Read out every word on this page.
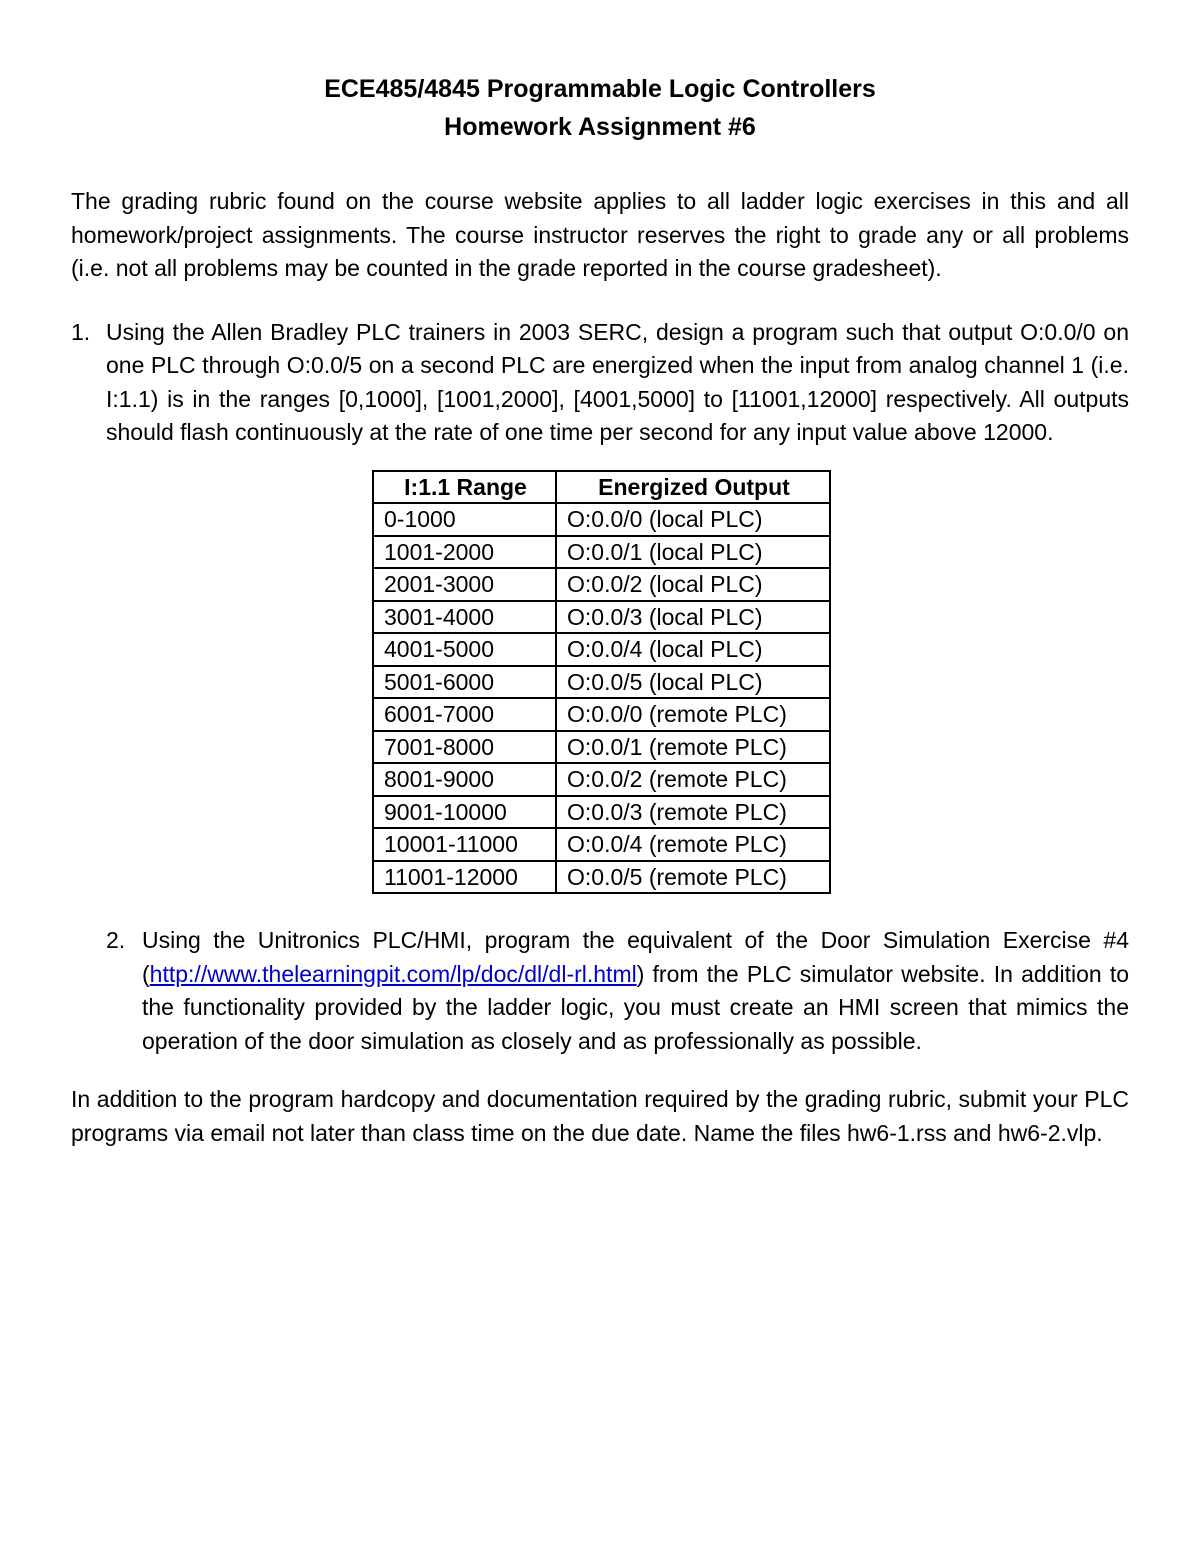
ECE485/4845 Programmable Logic Controllers

Homework Assignment #6

The grading rubric found on the course website applies to all ladder logic exercises in this and all homework/project assignments. The course instructor reserves the right to grade any or all problems (i.e. not all problems may be counted in the grade reported in the course gradesheet).

1. Using the Allen Bradley PLC trainers in 2003 SERC, design a program such that output O:0.0/0 on one PLC through O:0.0/5 on a second PLC are energized when the input from analog channel 1 (i.e. I:1.1) is in the ranges [0,1000], [1001,2000], [4001,5000] to [11001,12000] respectively. All outputs should flash continuously at the rate of one time per second for any input value above 12000.
I:1.1 Range	Energized Output
0-1000	O:0.0/0 (local PLC)
1001-2000	O:0.0/1 (local PLC)
2001-3000	O:0.0/2 (local PLC)
3001-4000	O:0.0/3 (local PLC)
4001-5000	O:0.0/4 (local PLC)
5001-6000	O:0.0/5 (local PLC)
6001-7000	O:0.0/0 (remote PLC)
7001-8000	O:0.0/1 (remote PLC)
8001-9000	O:0.0/2 (remote PLC)
9001-10000	O:0.0/3 (remote PLC)
10001-11000	O:0.0/4 (remote PLC)
11001-12000	O:0.0/5 (remote PLC)
2. Using the Unitronics PLC/HMI, program the equivalent of the Door Simulation Exercise #4 (http://www.thelearningpit.com/lp/doc/dl/dl-rl.html) from the PLC simulator website. In addition to the functionality provided by the ladder logic, you must create an HMI screen that mimics the operation of the door simulation as closely and as professionally as possible.

In addition to the program hardcopy and documentation required by the grading rubric, submit your PLC programs via email not later than class time on the due date. Name the files hw6-1.rss and hw6-2.vlp.
